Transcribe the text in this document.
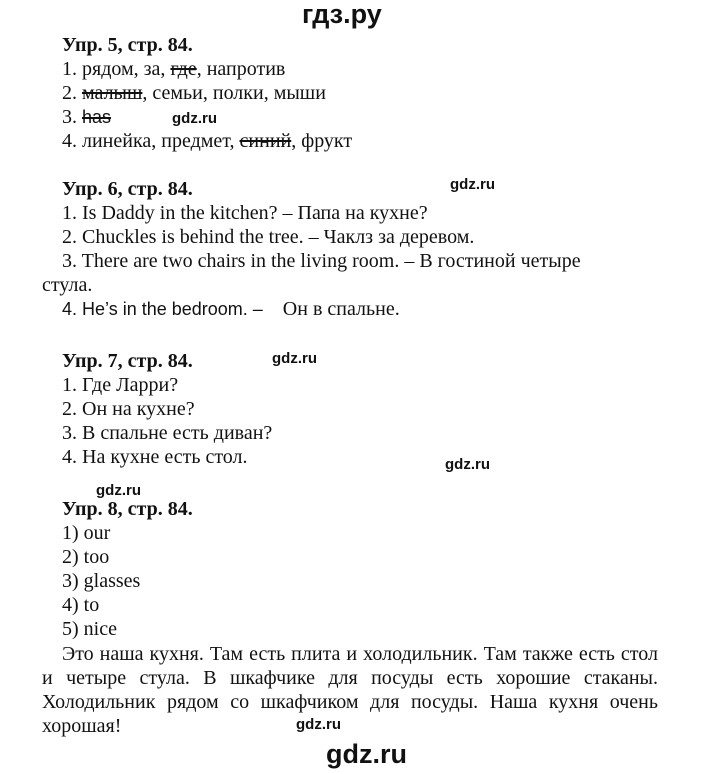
гдз.ру
Упр. 5, стр. 84.
1. рядом, за, где, напротив
2. малыш, семьи, полки, мыши
3. has	gdz.ru
4. линейка, предмет, синий, фрукт
Упр. 6, стр. 84.	gdz.ru
1. Is Daddy in the kitchen? – Папа на кухне?
2. Chuckles is behind the tree. – Чаклз за деревом.
3. There are two chairs in the living room. – В гостиной четыре
стула.
4. He’s in the bedroom. – Он в спальне.
Упр. 7, стр. 84.	gdz.ru
1. Где Ларри?
2. Он на кухне?
3. В спальне есть диван?
4. На кухне есть стол.	gdz.ru
gdz.ru
Упр. 8, стр. 84.
1) our
2) too
3) glasses
4) to
5) nice
Это наша кухня. Там есть плита и холодильник. Там также есть стол и четыре стула. В шкафчике для посуды есть хорошие стаканы. Холодильник рядом со шкафчиком для посуды. Наша кухня очень хорошая!	gdz.ru
gdz.ru
